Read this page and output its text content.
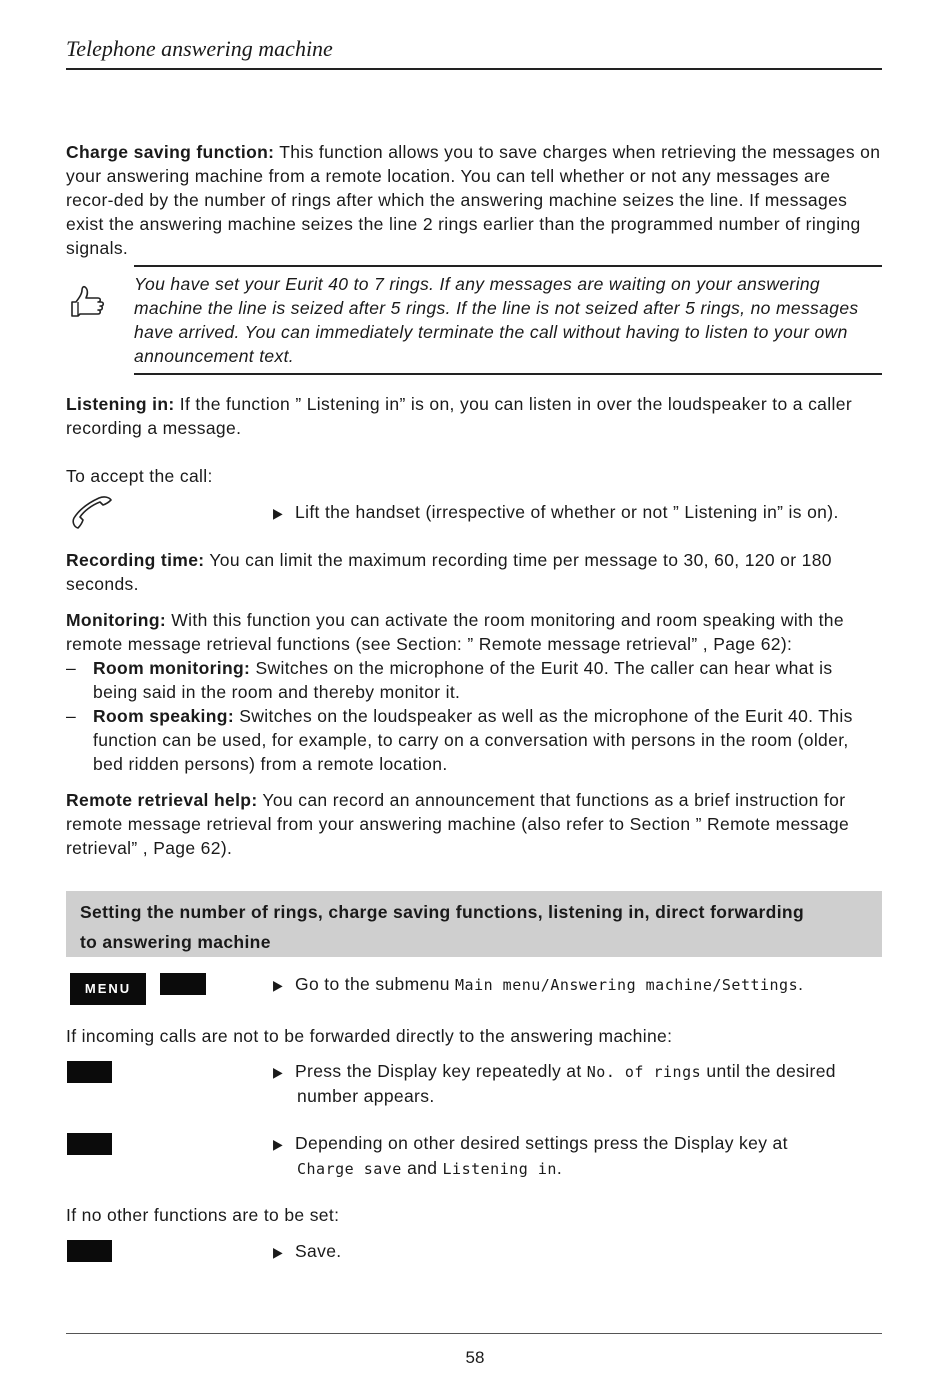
Telephone answering machine
Charge saving function: This function allows you to save charges when retrieving the messages on your answering machine from a remote location. You can tell whether or not any messages are recor-ded by the number of rings after which the answering machine seizes the line. If messages exist the answering machine seizes the line 2 rings earlier than the programmed number of ringing signals.
You have set your Eurit 40 to 7 rings. If any messages are waiting on your answering machine the line is seized after 5 rings. If the line is not seized after 5 rings, no messages have arrived. You can immediately terminate the call without having to listen to your own announcement text.
Listening in: If the function ” Listening in” is on, you can listen in over the loudspeaker to a caller recording a message.
To accept the call:
▶ Lift the handset (irrespective of whether or not ” Listening in” is on).
Recording time: You can limit the maximum recording time per message to 30, 60, 120 or 180 seconds.
Monitoring: With this function you can activate the room monitoring and room speaking with the remote message retrieval functions (see Section: ” Remote message retrieval” , Page 62):
– Room monitoring: Switches on the microphone of the Eurit 40. The caller can hear what is being said in the room and thereby monitor it.
– Room speaking: Switches on the loudspeaker as well as the microphone of the Eurit 40. This function can be used, for example, to carry on a conversation with persons in the room (older, bed ridden persons) from a remote location.
Remote retrieval help: You can record an announcement that functions as a brief instruction for remote message retrieval from your answering machine (also refer to Section ” Remote message retrieval” , Page 62).
Setting the number of rings, charge saving functions, listening in, direct forwarding
to answering machine
MENU	▶ Go to the submenu Main menu/Answering machine/Settings.
If incoming calls are not to be forwarded directly to the answering machine:
▶ Press the Display key repeatedly at No. of rings until the desired
number appears.
▶ Depending on other desired settings press the Display key at
Charge save and Listening in.
If no other functions are to be set:
▶ Save.
58
